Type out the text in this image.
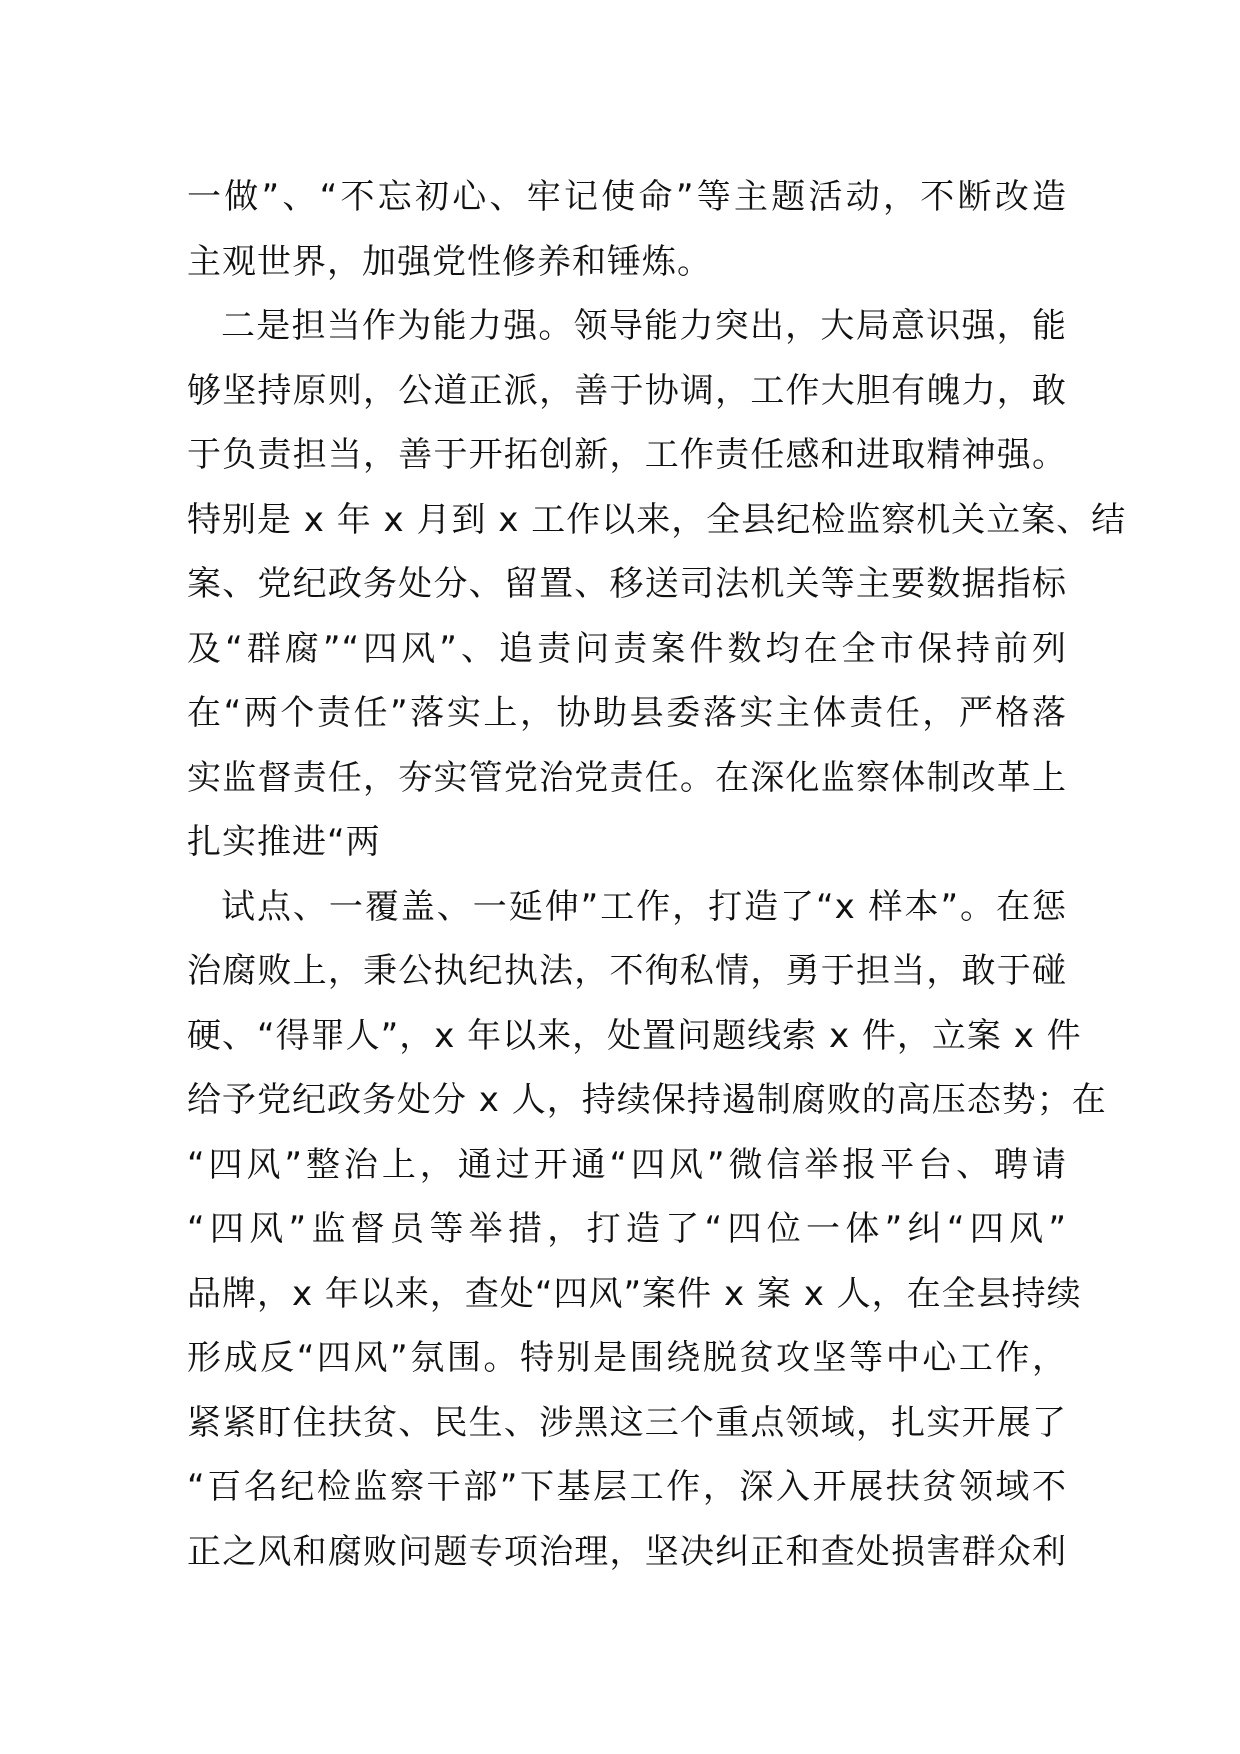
一做”、“不忘初心、牢记使命”等主题活动，不断改造
主观世界，加强党性修养和锤炼。
二是担当作为能力强。领导能力突出，大局意识强，能
够坚持原则，公道正派，善于协调，工作大胆有魄力，敢
于负责担当，善于开拓创新，工作责任感和进取精神强。
特别是 x 年 x 月到 x 工作以来，全县纪检监察机关立案、结
案、党纪政务处分、留置、移送司法机关等主要数据指标
及“群腐”“四风”、追责问责案件数均在全市保持前列
在“两个责任”落实上，协助县委落实主体责任，严格落
实监督责任，夯实管党治党责任。在深化监察体制改革上
扎实推进“两
试点、一覆盖、一延伸”工作，打造了“x 样本”。在惩
治腐败上，秉公执纪执法，不徇私情，勇于担当，敢于碰
硬、“得罪人”，x 年以来，处置问题线索 x 件，立案 x 件
给予党纪政务处分 x 人，持续保持遏制腐败的高压态势；在
“四风”整治上，通过开通“四风”微信举报平台、聘请
“四风”监督员等举措，打造了“四位一体”纠“四风”
品牌，x 年以来，查处“四风”案件 x 案 x 人，在全县持续
形成反“四风”氛围。特别是围绕脱贫攻坚等中心工作，
紧紧盯住扶贫、民生、涉黑这三个重点领域，扎实开展了
“百名纪检监察干部”下基层工作，深入开展扶贫领域不
正之风和腐败问题专项治理，坚决纠正和查处损害群众利
